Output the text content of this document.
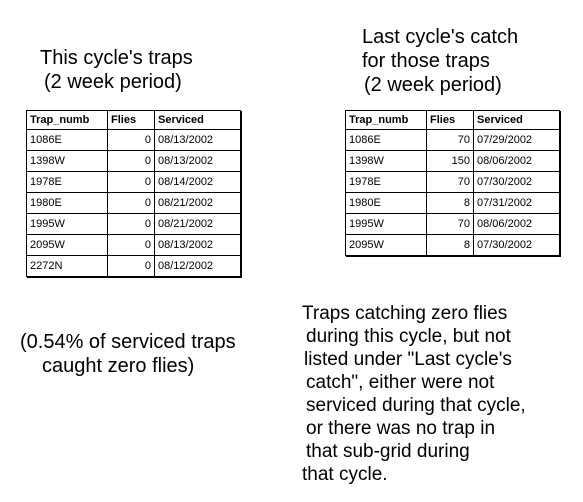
This cycle's traps
(2 week period)
Last cycle's catch
for those traps
(2 week period)
Trap_numb	Flies	Serviced
1086E	0	08/13/2002
1398W	0	08/13/2002
1978E	0	08/14/2002
1980E	0	08/21/2002
1995W	0	08/21/2002
2095W	0	08/13/2002
2272N	0	08/12/2002
Trap_numb	Flies	Serviced
1086E	70	07/29/2002
1398W	150	08/06/2002
1978E	70	07/30/2002
1980E	8	07/31/2002
1995W	70	08/06/2002
2095W	8	07/30/2002
(0.54% of serviced traps
caught zero flies)
Traps catching zero flies
during this cycle, but not
listed under "Last cycle's
catch", either were not
serviced during that cycle,
or there was no trap in
that sub-grid during
that cycle.
